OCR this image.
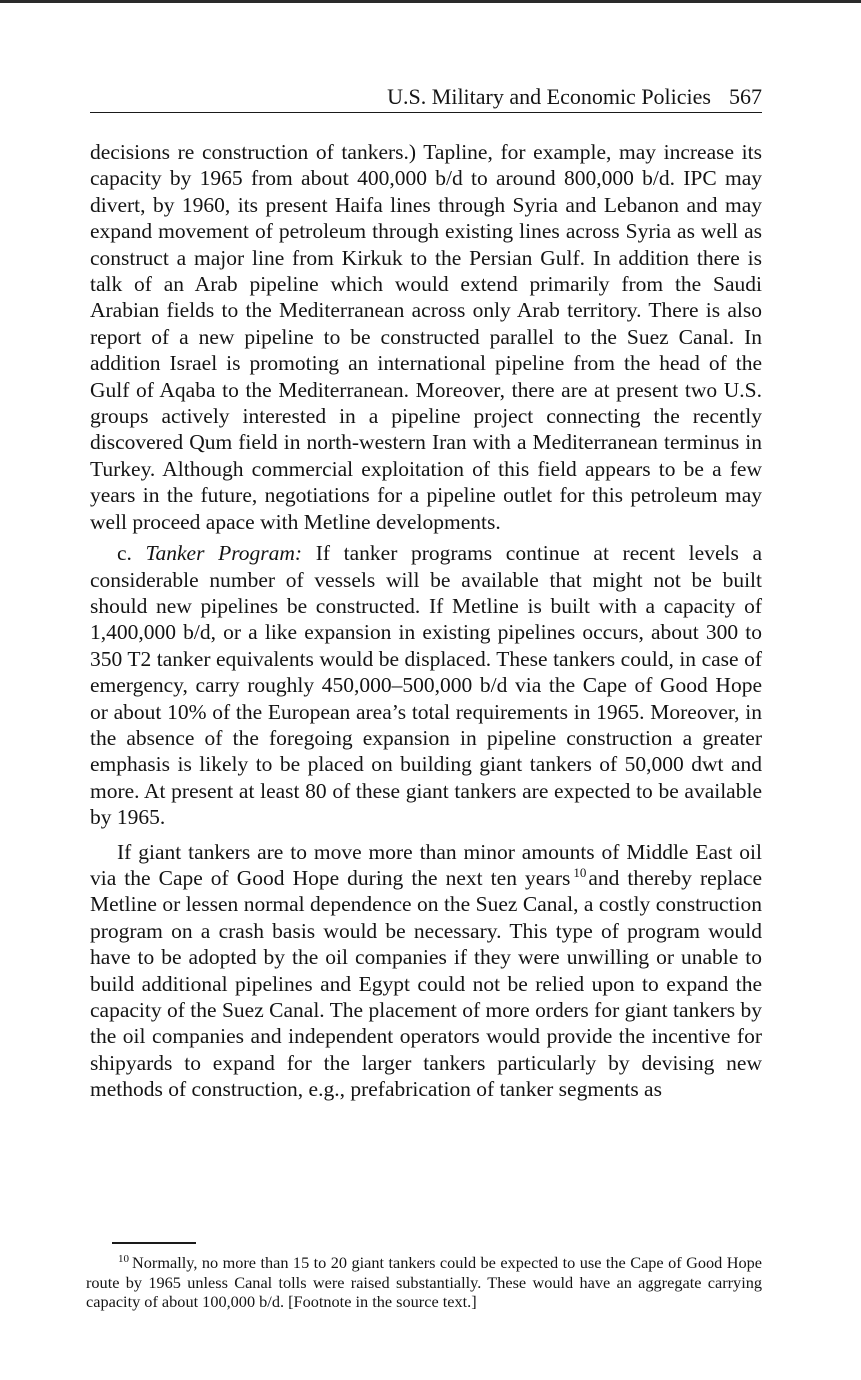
U.S. Military and Economic Policies 567

decisions re construction of tankers.) Tapline, for example, may increase its capacity by 1965 from about 400,000 b/d to around 800,000 b/d. IPC may divert, by 1960, its present Haifa lines through Syria and Lebanon and may expand movement of petroleum through existing lines across Syria as well as construct a major line from Kirkuk to the Persian Gulf. In addition there is talk of an Arab pipeline which would extend primarily from the Saudi Arabian fields to the Mediterranean across only Arab territory. There is also report of a new pipeline to be constructed parallel to the Suez Canal. In addition Israel is promoting an international pipeline from the head of the Gulf of Aqaba to the Mediterranean. Moreover, there are at present two U.S. groups actively interested in a pipeline project connecting the recently discovered Qum field in north-western Iran with a Mediterranean terminus in Turkey. Although commercial exploitation of this field appears to be a few years in the future, negotiations for a pipeline outlet for this petroleum may well proceed apace with Metline developments.

c. Tanker Program: If tanker programs continue at recent levels a considerable number of vessels will be available that might not be built should new pipelines be constructed. If Metline is built with a capacity of 1,400,000 b/d, or a like expansion in existing pipelines occurs, about 300 to 350 T2 tanker equivalents would be displaced. These tankers could, in case of emergency, carry roughly 450,000–500,000 b/d via the Cape of Good Hope or about 10% of the European area’s total requirements in 1965. Moreover, in the absence of the foregoing expansion in pipeline construction a greater emphasis is likely to be placed on building giant tankers of 50,000 dwt and more. At present at least 80 of these giant tankers are expected to be available by 1965.

If giant tankers are to move more than minor amounts of Middle East oil via the Cape of Good Hope during the next ten years $^{10}$and thereby replace Metline or lessen normal dependence on the Suez Canal, a costly construction program on a crash basis would be necessary. This type of program would have to be adopted by the oil companies if they were unwilling or unable to build additional pipelines and Egypt could not be relied upon to expand the capacity of the Suez Canal. The placement of more orders for giant tankers by the oil companies and independent operators would provide the incentive for shipyards to expand for the larger tankers particularly by devising new methods of construction, e.g., prefabrication of tanker segments as

$^{10}$ Normally, no more than 15 to 20 giant tankers could be expected to use the Cape of Good Hope route by 1965 unless Canal tolls were raised substantially. These would have an aggregate carrying capacity of about 100,000 b/d. [Footnote in the source text.]
